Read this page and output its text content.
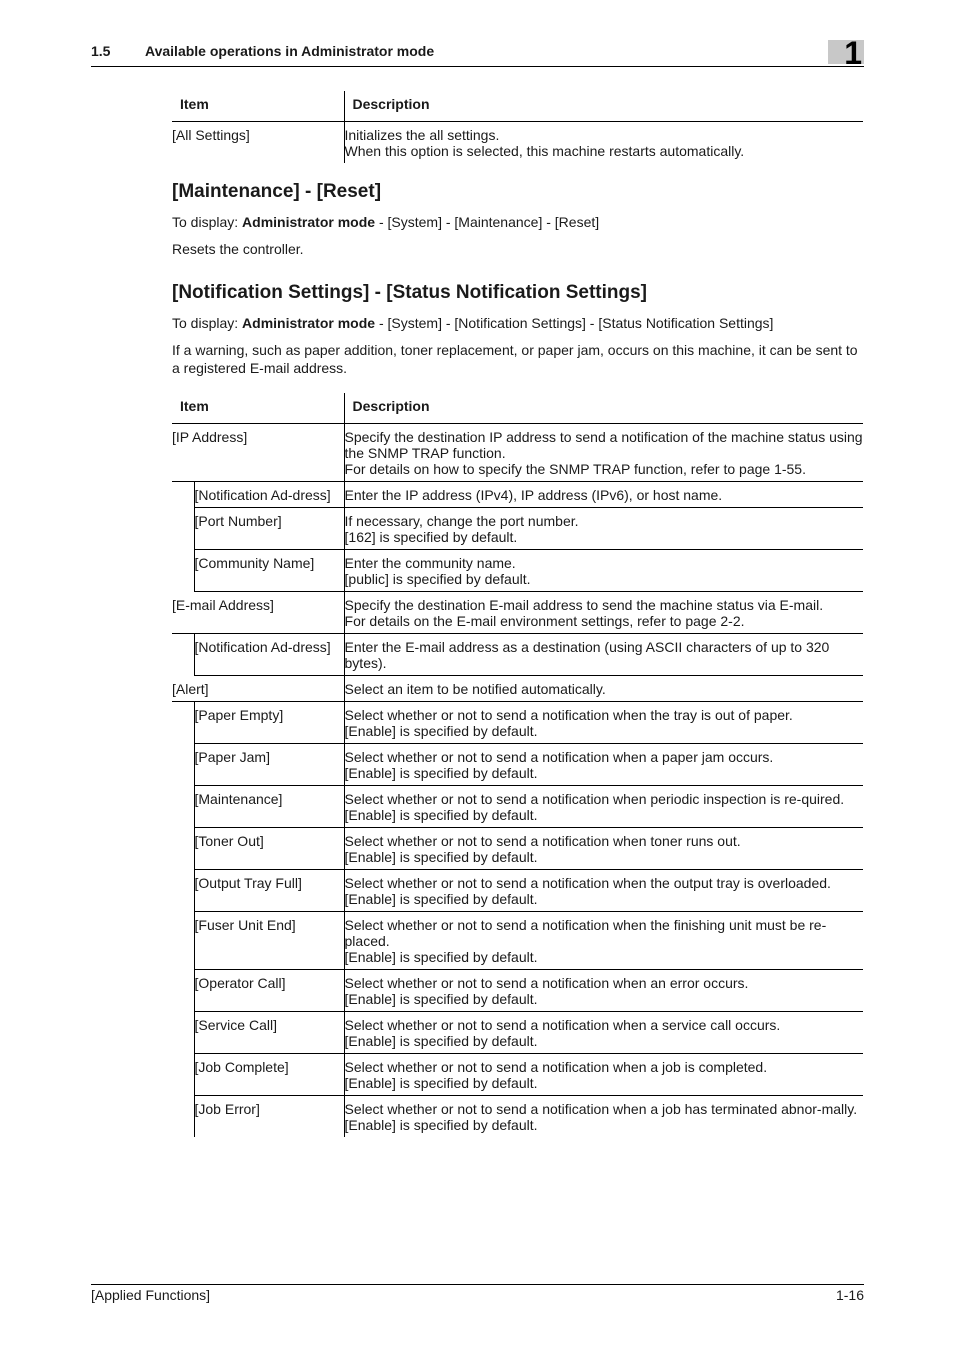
1.5 Available operations in Administrator mode	1
Item	Description
[All Settings]	Initializes the all settings.
When this option is selected, this machine restarts automatically.
[Maintenance] - [Reset]

To display: Administrator mode - [System] - [Maintenance] - [Reset]

Resets the controller.

[Notification Settings] - [Status Notification Settings]

To display: Administrator mode - [System] - [Notification Settings] - [Status Notification Settings]

If a warning, such as paper addition, toner replacement, or paper jam, occurs on this machine, it can be sent to a registered E-mail address.

Item		Description
[IP Address]		Specify the destination IP address to send a notification of the machine status using the SNMP TRAP function.
For details on how to specify the SNMP TRAP function, refer to page 1-55.

	[Notification Ad-dress]	Enter the IP address (IPv4), IP address (IPv6), or host name.

	[Port Number]	If necessary, change the port number.
[162] is specified by default.

	[Community Name]	Enter the community name.
[public] is specified by default.

[E-mail Address]		Specify the destination E-mail address to send the machine status via E-mail.
For details on the E-mail environment settings, refer to page 2-2.

	[Notification Ad-dress]	Enter the E-mail address as a destination (using ASCII characters of up to 320 bytes).

[Alert]		Select an item to be notified automatically.

	[Paper Empty]	Select whether or not to send a notification when the tray is out of paper.
[Enable] is specified by default.

	[Paper Jam]	Select whether or not to send a notification when a paper jam occurs.
[Enable] is specified by default.

	[Maintenance]	Select whether or not to send a notification when periodic inspection is re-quired.
[Enable] is specified by default.

	[Toner Out]	Select whether or not to send a notification when toner runs out.
[Enable] is specified by default.

	[Output Tray Full]	Select whether or not to send a notification when the output tray is overloaded.
[Enable] is specified by default.

	[Fuser Unit End]	Select whether or not to send a notification when the finishing unit must be re-placed.
[Enable] is specified by default.

	[Operator Call]	Select whether or not to send a notification when an error occurs.
[Enable] is specified by default.

	[Service Call]	Select whether or not to send a notification when a service call occurs.
[Enable] is specified by default.

	[Job Complete]	Select whether or not to send a notification when a job is completed.
[Enable] is specified by default.

	[Job Error]	Select whether or not to send a notification when a job has terminated abnor-mally.
[Enable] is specified by default.
[Applied Functions]	1-16
